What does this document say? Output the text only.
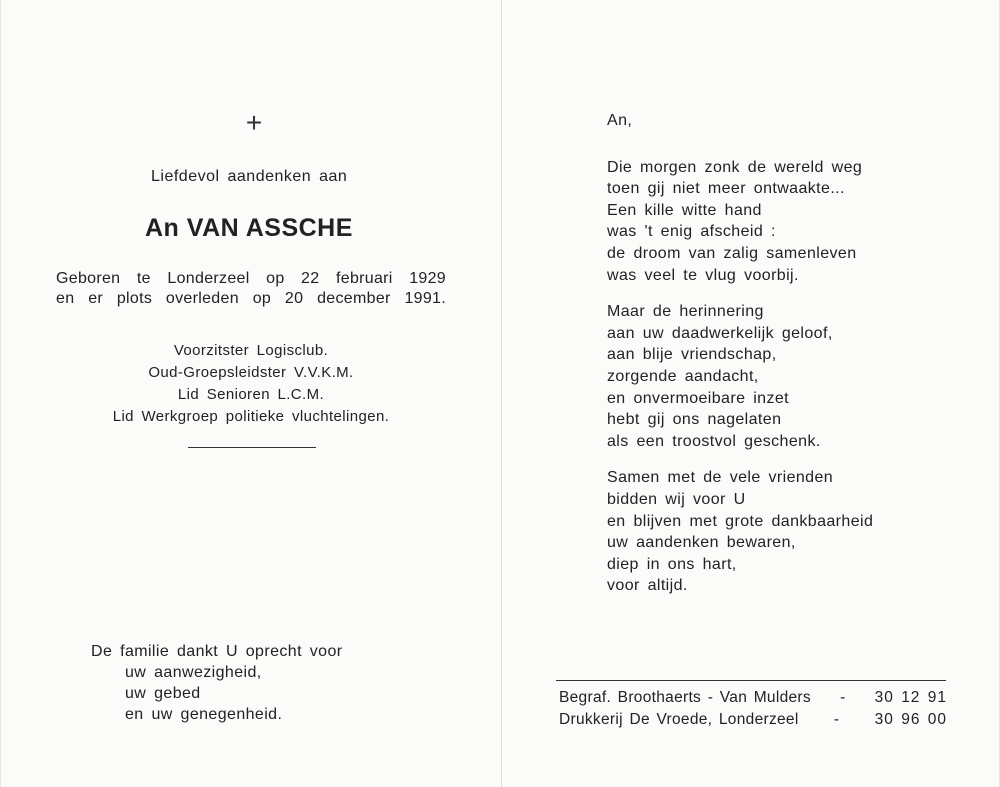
+
Liefdevol aandenken aan
An VAN ASSCHE
Geboren te Londerzeel op 22 februari 1929
en er plots overleden op 20 december 1991.
Voorzitster Logisclub.
Oud-Groepsleidster V.V.K.M.
Lid Senioren L.C.M.
Lid Werkgroep politieke vluchtelingen.
De familie dankt U oprecht voor
uw aanwezigheid,
uw gebed
en uw genegenheid.
An,
Die morgen zonk de wereld weg
toen gij niet meer ontwaakte...
Een kille witte hand
was 't enig afscheid :
de droom van zalig samenleven
was veel te vlug voorbij.
Maar de herinnering
aan uw daadwerkelijk geloof,
aan blije vriendschap,
zorgende aandacht,
en onvermoeibare inzet
hebt gij ons nagelaten
als een troostvol geschenk.
Samen met de vele vrienden
bidden wij voor U
en blijven met grote dankbaarheid
uw aandenken bewaren,
diep in ons hart,
voor altijd.
Begraf. Broothaerts - Van Mulders	-	30 12 91
Drukkerij De Vroede, Londerzeel	-	30 96 00
